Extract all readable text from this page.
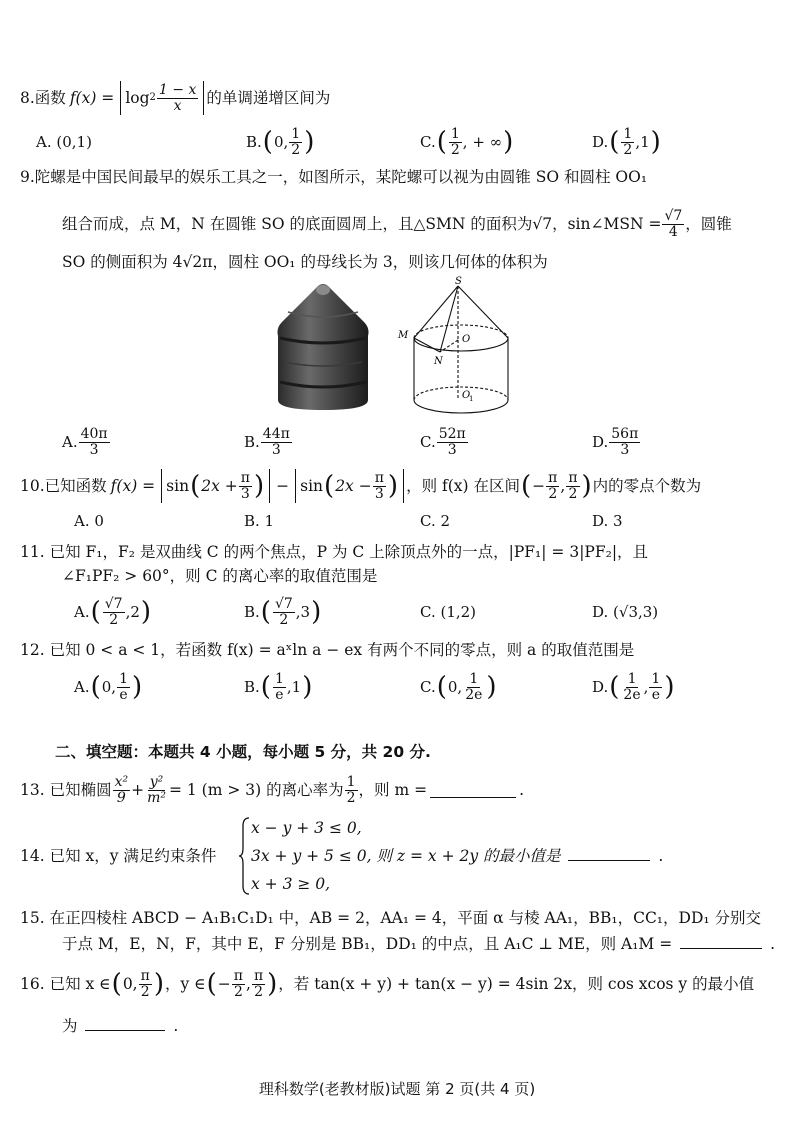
8. 函数 $f(x) = \log 2 \frac{1 - x}{x}$ 的单调递增区间为
A. (0,1)	B. ( 0, $\frac{1}{2}$ )	C. ( $\frac{1}{2}$ , + ∞ )	D. ( $\frac{1}{2} ,1$ )
9.陀螺是中国民间最早的娱乐工具之一，如图所示，某陀螺可以视为由圆锥 SO 和圆柱 OO₁
组合而成，点 M，N 在圆锥 SO 的底面圆周上，且△SMN 的面积为√7，sin∠MSN = $\frac{√7}{4}$ ，圆锥
SO 的侧面积为 4√2π，圆柱 OO₁ 的母线长为 3，则该几何体的体积为
S
M
N
O
O
1
A. $\frac{40\pi}{3}$	B. $\frac{44\pi}{3}$	C. $\frac{52\pi}{3}$	D. $\frac{56\pi}{3}$
10. 已知函数 f(x) = sin ( $2x + \frac{\pi}{3}$ ) − sin ( $2x - \frac{\pi}{3}$ ) ，则 f(x) 在区间 ( − $\frac{\pi}{2}$ , $\frac{\pi}{2}$ ) 内的零点个数为
A. 0	B. 1	C. 2	D. 3
11. 已知 F₁，F₂ 是双曲线 C 的两个焦点，P 为 C 上除顶点外的一点，|PF₁| = 3|PF₂|，且
∠F₁PF₂ > 60°，则 C 的离心率的取值范围是
A. ( $\frac{√7}{2} ,2$ )	B. ( $\frac{√7}{2} ,3$ )	C. (1,2)	D. (√3,3)
12. 已知 0 < a < 1，若函数 f(x) = aˣln a − ex 有两个不同的零点，则 a 的取值范围是
A. ( 0, $\frac{1}{e}$ )	B. ( $\frac{1}{e} ,1$ )	C. ( 0, $\frac{1}{2e}$ )	D. ( $\frac{1}{2e}$ , $\frac{1}{e}$ )
二、填空题：本题共 4 小题，每小题 5 分，共 20 分.
13. 已知椭圆 $\frac{\text{x²}}{9} + \frac{\text{y²}}{\text{m²}} = 1$ (m > 3) 的离心率为 $\frac{1}{2}$ ，则 m =	.
14. 已知 x，y 满足约束条件
x − y + 3 ≤ 0,
3x + y + 5 ≤ 0, 则 z = x + 2y 的最小值是	.
x + 3 ≥ 0,
15. 在正四棱柱 ABCD − A₁B₁C₁D₁ 中，AB = 2，AA₁ = 4，平面 α 与棱 AA₁，BB₁，CC₁，DD₁ 分别交
于点 M，E，N，F，其中 E，F 分别是 BB₁，DD₁ 的中点，且 A₁C ⊥ ME，则 A₁M =	.
16. 已知 x ∈ ( 0, $\frac{\pi}{2}$ ) ，y ∈ ( − $\frac{\pi}{2}$ , $\frac{\pi}{2}$ ) ，若 tan(x + y) + tan(x − y) = 4sin 2x，则 cos xcos y 的最小值
为	.
理科数学(老教材版)试题 第 2 页(共 4 页)
